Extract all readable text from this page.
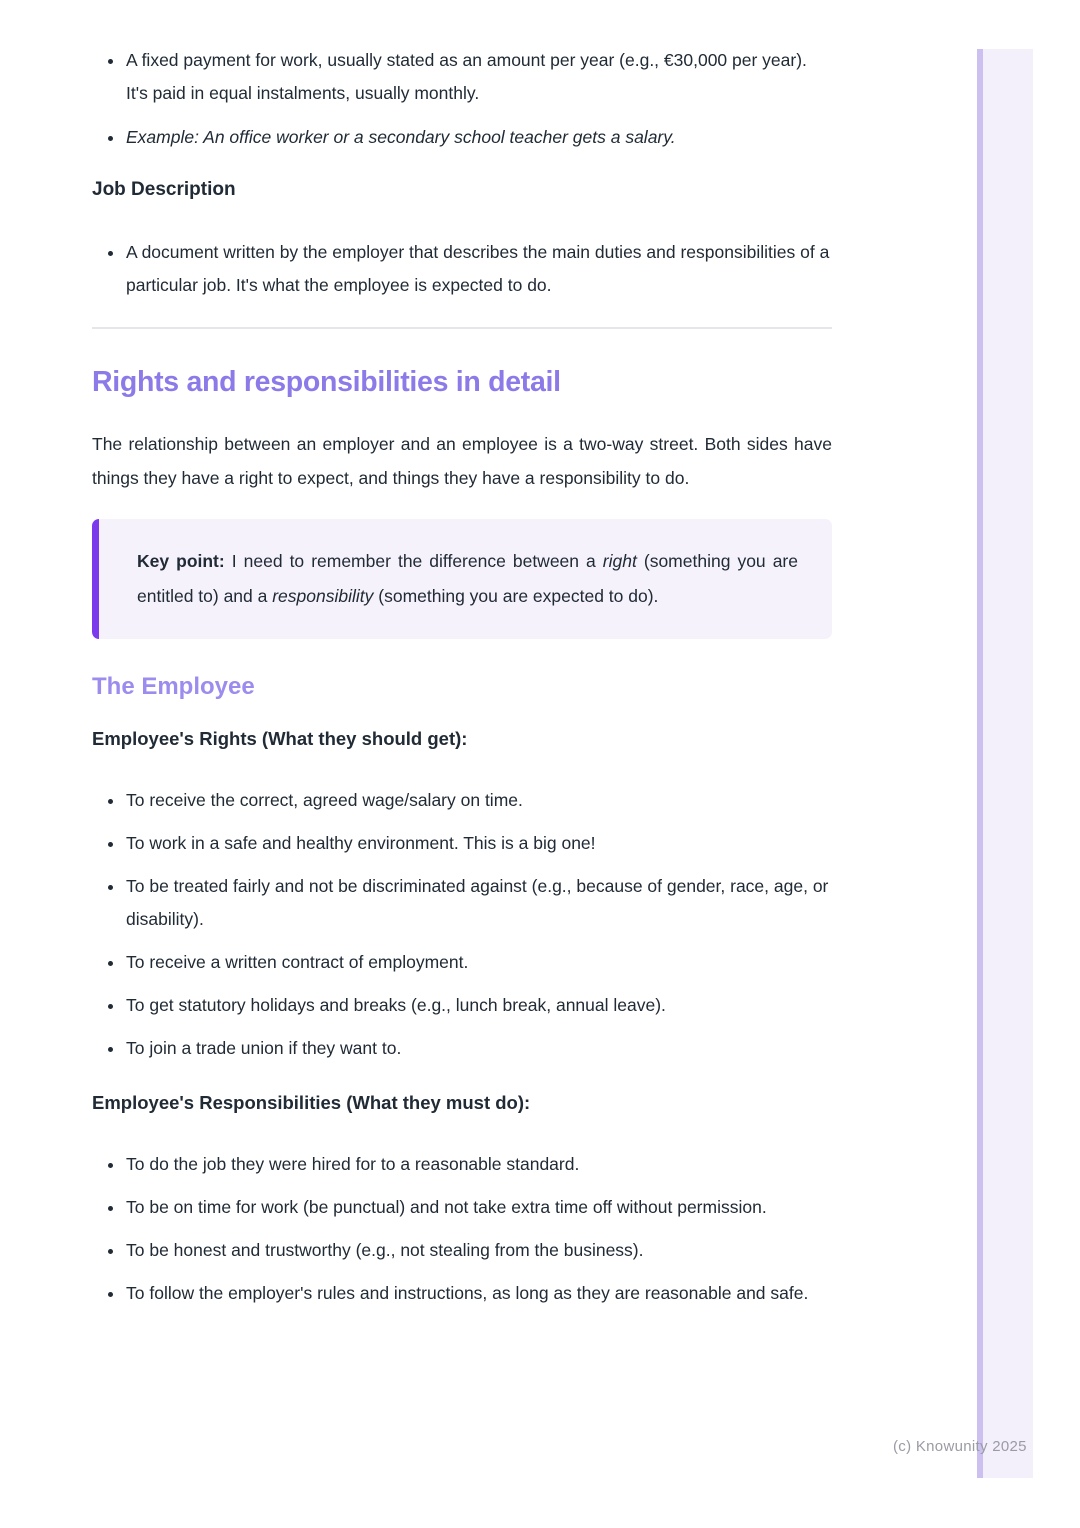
• A fixed payment for work, usually stated as an amount per year (e.g., €30,000 per year). It's paid in equal instalments, usually monthly.
• Example: An office worker or a secondary school teacher gets a salary.
Job Description
• A document written by the employer that describes the main duties and responsibilities of a particular job. It's what the employee is expected to do.
Rights and responsibilities in detail

The relationship between an employer and an employee is a two-way street. Both sides have things they have a right to expect, and things they have a responsibility to do.

Key point: I need to remember the difference between a right (something you are entitled to) and a responsibility (something you are expected to do).

The Employee
Employee's Rights (What they should get):
• To receive the correct, agreed wage/salary on time.
• To work in a safe and healthy environment. This is a big one!
• To be treated fairly and not be discriminated against (e.g., because of gender, race, age, or disability).
• To receive a written contract of employment.
• To get statutory holidays and breaks (e.g., lunch break, annual leave).
• To join a trade union if they want to.
Employee's Responsibilities (What they must do):
• To do the job they were hired for to a reasonable standard.
• To be on time for work (be punctual) and not take extra time off without permission.
• To be honest and trustworthy (e.g., not stealing from the business).
• To follow the employer's rules and instructions, as long as they are reasonable and safe.
(c) Knowunity 2025
